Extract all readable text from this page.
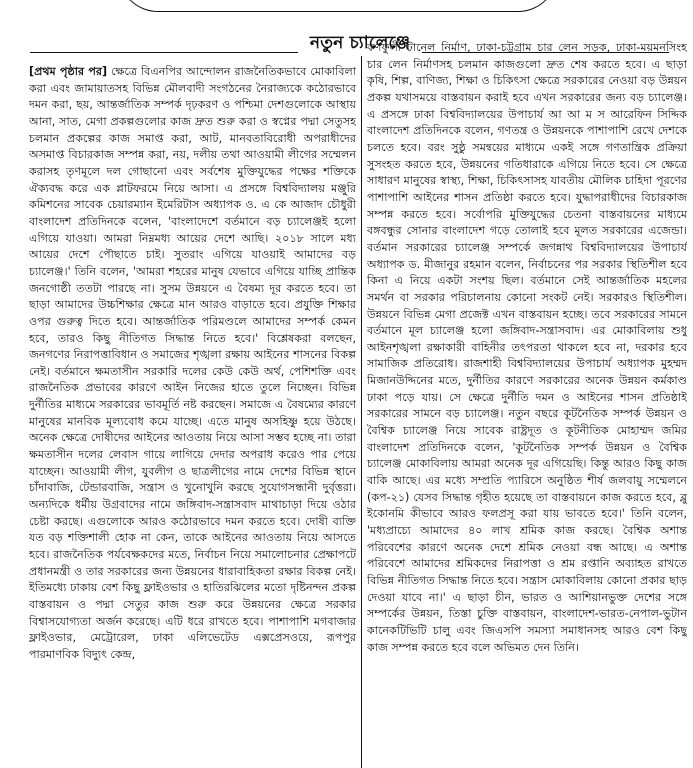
নতুন চ্যালেঞ্জে

[প্রথম পৃষ্ঠার পর] ক্ষেত্রে বিএনপির আন্দোলন রাজনৈতিকভাবে মোকাবিলা করা এবং জামায়াতসহ বিভিন্ন মৌলবাদী সংগঠনের নৈরাজ্যকে কঠোরভাবে দমন করা, ছয়, আন্তর্জাতিক সম্পর্ক দৃঢ়করণ ও পশ্চিমা দেশগুলোকে আস্থায় আনা, সাত, মেগা প্রকল্পগুলোর কাজ দ্রুত শুরু করা ও স্বপ্নের পদ্মা সেতুসহ চলমান প্রকল্পের কাজ সমাপ্ত করা, আট, মানবতাবিরোধী অপরাধীদের অসমাপ্ত বিচারকাজ সম্পন্ন করা, নয়, দলীয় তথা আওয়ামী লীগের সম্মেলন করাসহ তৃণমূলে দল গোছানো এবং সর্বশেষ মুক্তিযুদ্ধের পক্ষের শক্তিকে ঐক্যবদ্ধ করে এক প্লাটফরমে নিয়ে আসা। এ প্রসঙ্গে বিশ্ববিদ্যালয় মঞ্জুরি কমিশনের সাবেক চেয়ারম্যান ইমেরিটাস অধ্যাপক ও. এ কে আজাদ চৌধুরী বাংলাদেশ প্রতিদিনকে বলেন, 'বাংলাদেশে বর্তমানে বড় চ্যালেঞ্জই হলো এগিয়ে যাওয়া। আমরা নিম্নমধ্য আয়ের দেশে আছি। ২০১৮ সালে মধ্য আয়ের দেশে পৌছাতে চাই। সুতরাং এগিয়ে যাওয়াই আমাদের বড় চ্যালেঞ্জ।' তিনি বলেন, 'আমরা শহরের মানুষ যেভাবে এগিয়ে যাচ্ছি প্রান্তিক জনগোষ্ঠী ততটা পারছে না। সুসম উন্নয়নে এ বৈষম্য দূর করতে হবে। তা ছাড়া আমাদের উচ্চশিক্ষার ক্ষেত্রে মান আরও বাড়াতে হবে। প্রযুক্তি শিক্ষার ওপর গুরুত্ব দিতে হবে। আন্তর্জাতিক পরিমণ্ডলে আমাদের সম্পর্ক কেমন হবে, তারও কিছু নীতিগত সিদ্ধান্ত নিতে হবে।' বিশ্লেষকরা বলছেন, জনগণের নিরাপত্তাবিধান ও সমাজের শৃঙ্খলা রক্ষায় আইনের শাসনের বিকল্প নেই। বর্তমানে ক্ষমতাসীন সরকারি দলের কেউ কেউ অর্থ, পেশিশক্তি এবং রাজনৈতিক প্রভাবের কারণে আইন নিজের হাতে তুলে নিচ্ছেন। বিভিন্ন দুর্নীতির মাধ্যমে সরকারের ভাবমূর্তি নষ্ট করছেন। সমাজে এ বৈষম্যের কারণে মানুষের মানবিক মূল্যবোধ কমে যাচ্ছে। এতে মানুষ অসহিষ্ণু হয়ে উঠছে। অনেক ক্ষেত্রে দোষীদের আইনের আওতায় নিয়ে আসা সম্ভব হচ্ছে না। তারা ক্ষমতাসীন দলের লেবাস গায়ে লাগিয়ে দেদার অপরাধ করেও পার পেয়ে যাচ্ছেন। আওয়ামী লীগ, যুবলীগ ও ছাত্রলীগের নামে দেশের বিভিন্ন স্থানে চাঁদাবাজি, টেন্ডারবাজি, সন্ত্রাস ও খুনোখুনি করছে সুযোগসন্ধানী দুর্বৃত্তরা। অন্যদিকে ধর্মীয় উগ্রবাদের নামে জঙ্গিবাদ-সন্ত্রাসবাদ মাথাচাড়া দিয়ে ওঠার চেষ্টা করছে। এগুলোকে আরও কঠোরভাবে দমন করতে হবে। দোষী ব্যক্তি যত বড় শক্তিশালী হোক না কেন, তাকে আইনের আওতায় নিয়ে আসতে হবে। রাজনৈতিক পর্যবেক্ষকদের মতে, নির্বাচন নিয়ে সমালোচনার প্রেক্ষাপটে প্রধানমন্ত্রী ও তার সরকারের জন্য উন্নয়নের ধারাবাহিকতা রক্ষার বিকল্প নেই। ইতিমধ্যে ঢাকায় বেশ কিছু ফ্লাইওভার ও হাতিরঝিলের মতো দৃষ্টিনন্দন প্রকল্প বাস্তবায়ন ও পদ্মা সেতুর কাজ শুরু করে উন্নয়নের ক্ষেত্রে সরকার বিশ্বাসযোগ্যতা অর্জন করেছে। এটি ধরে রাখতে হবে। পাশাপাশি মগবাজার ফ্লাইওভার, মেট্রোরেল, ঢাকা এলিভেটেড এক্সপ্রেসওয়ে, রূপপুর পারমাণবিক বিদ্যুৎ কেন্দ্র,

কর্ণফুলী টানেল নির্মাণ, ঢাকা-চট্টগ্রাম চার লেন সড়ক, ঢাকা-ময়মনসিংহ চার লেন নির্মাণসহ চলমান কাজগুলো দ্রুত শেষ করতে হবে। এ ছাড়া কৃষি, শিল্প, বাণিজ্য, শিক্ষা ও চিকিৎসা ক্ষেত্রে সরকারের নেওয়া বড় উন্নয়ন প্রকল্প যথাসময়ে বাস্তবায়ন করাই হবে এখন সরকারের জন্য বড় চ্যালেঞ্জ। এ প্রসঙ্গে ঢাকা বিশ্ববিদ্যালয়ের উপাচার্য আ আ ম স আরেফিন সিদ্দিক বাংলাদেশ প্রতিদিনকে বলেন, গণতন্ত্র ও উন্নয়নকে পাশাপাশি রেখে দেশকে চলতে হবে। বরং সুষ্ঠু সমন্বয়ের মাধ্যমে একই সঙ্গে গণতান্ত্রিক প্রক্রিয়া সুসংহত করতে হবে, উন্নয়নের গতিধারাকে এগিয়ে নিতে হবে। সে ক্ষেত্রে সাধারণ মানুষের স্বাস্থ্য, শিক্ষা, চিকিৎসাসহ যাবতীয় মৌলিক চাহিদা পূরণের পাশাপাশি আইনের শাসন প্রতিষ্ঠা করতে হবে। যুদ্ধাপরাধীদের বিচারকাজ সম্পন্ন করতে হবে। সর্বোপরি মুক্তিযুদ্ধের চেতনা বাস্তবায়নের মাধ্যমে বঙ্গবন্ধুর সোনার বাংলাদেশ গড়ে তোলাই হবে মূলত সরকারের এজেন্ডা। বর্তমান সরকারের চ্যালেঞ্জ সম্পর্কে জগন্নাথ বিশ্ববিদ্যালয়ের উপাচার্য অধ্যাপক ড. মীজানুর রহমান বলেন, নির্বাচনের পর সরকার স্থিতিশীল হবে কিনা এ নিয়ে একটা সংশয় ছিল। বর্তমানে সেই আন্তর্জাতিক মহলের সমর্থন বা সরকার পরিচালনায় কোনো সংকট নেই। সরকারও স্থিতিশীল। উন্নয়নে বিভিন্ন মেগা প্রজেক্ট এখন বাস্তবায়ন হচ্ছে। তবে সরকারের সামনে বর্তমানে মূল চ্যালেঞ্জ হলো জঙ্গিবাদ-সন্ত্রাসবাদ। এর মোকাবিলায় শুধু আইনশৃঙ্খলা রক্ষাকারী বাহিনীর তৎপরতা থাকলে হবে না, দরকার হবে সামাজিক প্রতিরোধ। রাজশাহী বিশ্ববিদ্যালয়ের উপাচার্য অধ্যাপক মুহম্মদ মিজানউদ্দিনের মতে, দুর্নীতির কারণে সরকারের অনেক উন্নয়ন কর্মকাণ্ড ঢাকা পড়ে যায়। সে ক্ষেত্রে দুর্নীতি দমন ও আইনের শাসন প্রতিষ্ঠাই সরকারের সামনে বড় চ্যালেঞ্জ। নতুন বছরে কূটনৈতিক সম্পর্ক উন্নয়ন ও বৈশ্বিক চ্যালেঞ্জ নিয়ে সাবেক রাষ্ট্রদূত ও কূটনীতিক মোহাম্মদ জমির বাংলাদেশ প্রতিদিনকে বলেন, 'কূটনৈতিক সম্পর্ক উন্নয়ন ও বৈশ্বিক চ্যালেঞ্জ মোকাবিলায় আমরা অনেক দূর এগিয়েছি। কিন্তু আরও কিছু কাজ বাকি আছে। এর মধ্যে সম্প্রতি প্যারিসে অনুষ্ঠিত শীর্ষ জলবায়ু সম্মেলনে (কপ-২১) যেসব সিদ্ধান্ত গৃহীত হয়েছে তা বাস্তবায়নে কাজ করতে হবে, ব্লু ইকোনমি কীভাবে আরও ফলপ্রসূ করা যায় ভাবতে হবে।' তিনি বলেন, 'মধ্যপ্রাচ্যে আমাদের ৪০ লাখ শ্রমিক কাজ করছে। বৈশ্বিক অশান্ত পরিবেশের কারণে অনেক দেশে শ্রমিক নেওয়া বন্ধ আছে। এ অশান্ত পরিবেশে আমাদের শ্রমিকদের নিরাপত্তা ও শ্রম রপ্তানি অব্যাহত রাখতে বিভিন্ন নীতিগত সিদ্ধান্ত নিতে হবে। সন্ত্রাস মোকাবিলায় কোনো প্রকার ছাড় দেওয়া যাবে না।' এ ছাড়া চীন, ভারত ও আশিয়ানভুক্ত দেশের সঙ্গে সম্পর্কের উন্নয়ন, তিস্তা চুক্তি বাস্তবায়ন, বাংলাদেশ-ভারত-নেপাল-ভুটান কানেকটিভিটি চালু এবং জিএসপি সমস্যা সমাধানসহ আরও বেশ কিছু কাজ সম্পন্ন করতে হবে বলে অভিমত দেন তিনি।
